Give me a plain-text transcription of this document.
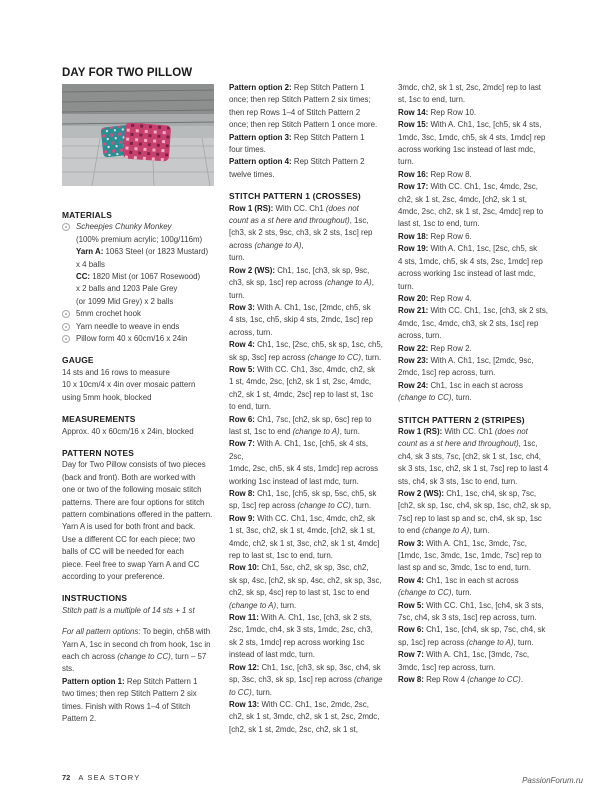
DAY FOR TWO PILLOW

MATERIALS

Scheepjes Chunky Monkey

(100% premium acrylic; 100g/116m)

Yarn A: 1063 Steel (or 1823 Mustard)

x 4 balls

CC: 1820 Mist (or 1067 Rosewood)

x 2 balls and 1203 Pale Grey

(or 1099 Mid Grey) x 2 balls

5mm crochet hook

Yarn needle to weave in ends

Pillow form 40 x 60cm/16 x 24in

GAUGE

14 sts and 16 rows to measure

10 x 10cm/4 x 4in over mosaic pattern

using 5mm hook, blocked

MEASUREMENTS

Approx. 40 x 60cm/16 x 24in, blocked

PATTERN NOTES

Day for Two Pillow consists of two pieces

(back and front). Both are worked with

one or two of the following mosaic stitch

patterns. There are four options for stitch

pattern combinations offered in the pattern.

Yarn A is used for both front and back.

Use a different CC for each piece; two

balls of CC will be needed for each

piece. Feel free to swap Yarn A and CC

according to your preference.

INSTRUCTIONS

Stitch patt is a multiple of 14 sts + 1 st

For all pattern options: To begin, ch58 with

Yarn A, 1sc in second ch from hook, 1sc in

each ch across (change to CC), turn – 57 sts.

Pattern option 1: Rep Stitch Pattern 1

two times; then rep Stitch Pattern 2 six

times. Finish with Rows 1–4 of Stitch

Pattern 2.

Pattern option 2: Rep Stitch Pattern 1

once; then rep Stitch Pattern 2 six times;

then rep Rows 1–4 of Stitch Pattern 2

once; then rep Stitch Pattern 1 once more.

Pattern option 3: Rep Stitch Pattern 1

four times.

Pattern option 4: Rep Stitch Pattern 2

twelve times.

STITCH PATTERN 1 (CROSSES)

Row 1 (RS): With CC. Ch1 (does not

count as a st here and throughout), 1sc,

[ch3, sk 2 sts, 9sc, ch3, sk 2 sts, 1sc] rep

across (change to A),

turn.

Row 2 (WS): Ch1, 1sc, [ch3, sk sp, 9sc,

ch3, sk sp, 1sc] rep across (change to A),

turn.

Row 3: With A. Ch1, 1sc, [2mdc, ch5, sk

4 sts, 1sc, ch5, skip 4 sts, 2mdc, 1sc] rep

across, turn.

Row 4: Ch1, 1sc, [2sc, ch5, sk sp, 1sc, ch5,

sk sp, 3sc] rep across (change to CC), turn.

Row 5: With CC. Ch1, 3sc, 4mdc, ch2, sk

1 st, 4mdc, 2sc, [ch2, sk 1 st, 2sc, 4mdc,

ch2, sk 1 st, 4mdc, 2sc] rep to last st, 1sc

to end, turn.

Row 6: Ch1, 7sc, [ch2, sk sp, 6sc] rep to

last st, 1sc to end (change to A), turn.

Row 7: With A. Ch1, 1sc, [ch5, sk 4 sts, 2sc,

1mdc, 2sc, ch5, sk 4 sts, 1mdc] rep across

working 1sc instead of last mdc, turn.

Row 8: Ch1, 1sc, [ch5, sk sp, 5sc, ch5, sk

sp, 1sc] rep across (change to CC), turn.

Row 9: With CC. Ch1, 1sc, 4mdc, ch2, sk

1 st, 3sc, ch2, sk 1 st, 4mdc, [ch2, sk 1 st,

4mdc, ch2, sk 1 st, 3sc, ch2, sk 1 st, 4mdc]

rep to last st, 1sc to end, turn.

Row 10: Ch1, 5sc, ch2, sk sp, 3sc, ch2,

sk sp, 4sc, [ch2, sk sp, 4sc, ch2, sk sp, 3sc,

ch2, sk sp, 4sc] rep to last st, 1sc to end

(change to A), turn.

Row 11: With A. Ch1, 1sc, [ch3, sk 2 sts,

2sc, 1mdc, ch4, sk 3 sts, 1mdc, 2sc, ch3,

sk 2 sts, 1mdc] rep across working 1sc

instead of last mdc, turn.

Row 12: Ch1, 1sc, [ch3, sk sp, 3sc, ch4, sk

sp, 3sc, ch3, sk sp, 1sc] rep across (change

to CC), turn.

Row 13: With CC. Ch1, 1sc, 2mdc, 2sc,

ch2, sk 1 st, 3mdc, ch2, sk 1 st, 2sc, 2mdc,

[ch2, sk 1 st, 2mdc, 2sc, ch2, sk 1 st,

3mdc, ch2, sk 1 st, 2sc, 2mdc] rep to last

st, 1sc to end, turn.

Row 14: Rep Row 10.

Row 15: With A. Ch1, 1sc, [ch5, sk 4 sts,

1mdc, 3sc, 1mdc, ch5, sk 4 sts, 1mdc] rep

across working 1sc instead of last mdc,

turn.

Row 16: Rep Row 8.

Row 17: With CC. Ch1, 1sc, 4mdc, 2sc,

ch2, sk 1 st, 2sc, 4mdc, [ch2, sk 1 st,

4mdc, 2sc, ch2, sk 1 st, 2sc, 4mdc] rep to

last st, 1sc to end, turn.

Row 18: Rep Row 6.

Row 19: With A. Ch1, 1sc, [2sc, ch5, sk

4 sts, 1mdc, ch5, sk 4 sts, 2sc, 1mdc] rep

across working 1sc instead of last mdc,

turn.

Row 20: Rep Row 4.

Row 21: With CC. Ch1, 1sc, [ch3, sk 2 sts,

4mdc, 1sc, 4mdc, ch3, sk 2 sts, 1sc] rep

across, turn.

Row 22: Rep Row 2.

Row 23: With A. Ch1, 1sc, [2mdc, 9sc,

2mdc, 1sc] rep across, turn.

Row 24: Ch1, 1sc in each st across

(change to CC), turn.

STITCH PATTERN 2 (STRIPES)

Row 1 (RS): With CC. Ch1 (does not

count as a st here and throughout), 1sc,

ch4, sk 3 sts, 7sc, [ch2, sk 1 st, 1sc, ch4,

sk 3 sts, 1sc, ch2, sk 1 st, 7sc] rep to last 4

sts, ch4, sk 3 sts, 1sc to end, turn.

Row 2 (WS): Ch1, 1sc, ch4, sk sp, 7sc,

[ch2, sk sp, 1sc, ch4, sk sp, 1sc, ch2, sk sp,

7sc] rep to last sp and sc, ch4, sk sp, 1sc

to end (change to A), turn.

Row 3: With A. Ch1, 1sc, 3mdc, 7sc,

[1mdc, 1sc, 3mdc, 1sc, 1mdc, 7sc] rep to

last sp and sc, 3mdc, 1sc to end, turn.

Row 4: Ch1, 1sc in each st across

(change to CC), turn.

Row 5: With CC. Ch1, 1sc, [ch4, sk 3 sts,

7sc, ch4, sk 3 sts, 1sc] rep across, turn.

Row 6: Ch1, 1sc, [ch4, sk sp, 7sc, ch4, sk

sp, 1sc] rep across (change to A), turn.

Row 7: With A. Ch1, 1sc, [3mdc, 7sc,

3mdc, 1sc] rep across, turn.

Row 8: Rep Row 4 (change to CC).

72 A SEA STORY	PassionForum.ru
